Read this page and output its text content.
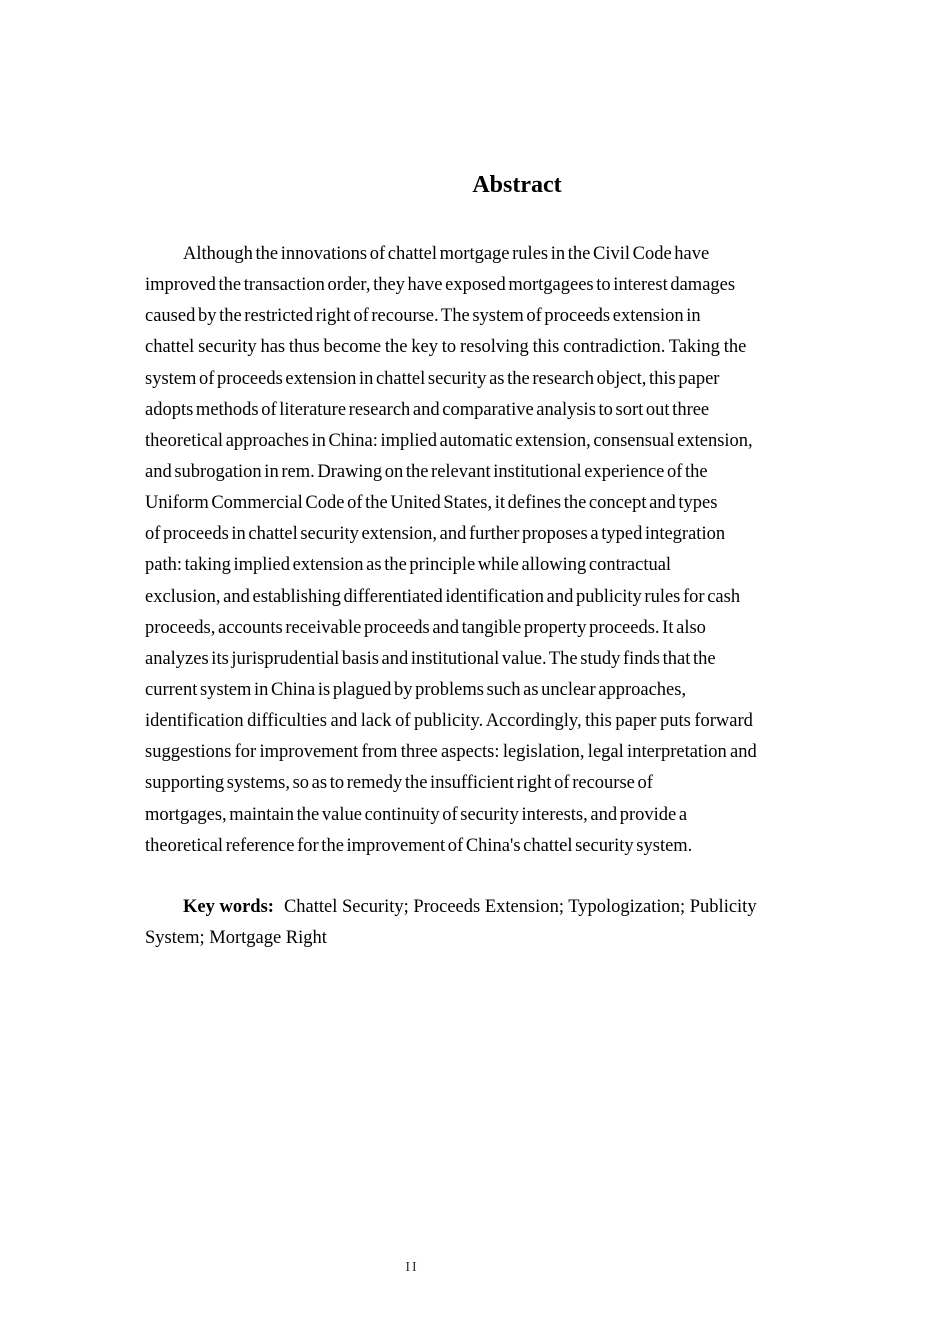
Abstract
Although the innovations of chattel mortgage rules in the Civil Code have
improved the transaction order, they have exposed mortgagees to interest damages
caused by the restricted right of recourse. The system of proceeds extension in
chattel security has thus become the key to resolving this contradiction. Taking the
system of proceeds extension in chattel security as the research object, this paper
adopts methods of literature research and comparative analysis to sort out three
theoretical approaches in China: implied automatic extension, consensual extension,
and subrogation in rem. Drawing on the relevant institutional experience of the
Uniform Commercial Code of the United States, it defines the concept and types
of proceeds in chattel security extension, and further proposes a typed integration
path: taking implied extension as the principle while allowing contractual
exclusion, and establishing differentiated identification and publicity rules for cash
proceeds, accounts receivable proceeds and tangible property proceeds. It also
analyzes its jurisprudential basis and institutional value. The study finds that the
current system in China is plagued by problems such as unclear approaches,
identification difficulties and lack of publicity. Accordingly, this paper puts forward
suggestions for improvement from three aspects: legislation, legal interpretation and
supporting systems, so as to remedy the insufficient right of recourse of
mortgages, maintain the value continuity of security interests, and provide a
theoretical reference for the improvement of China's chattel security system.
Key words: Chattel Security; Proceeds Extension; Typologization; Publicity
System; Mortgage Right
II
